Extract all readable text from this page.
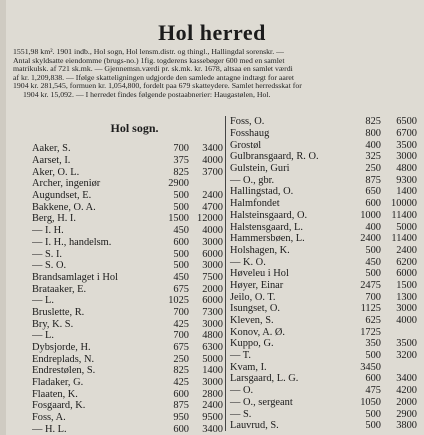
Hol herred
1551,98 km². 1901 indb., Hol sogn, Hol lensm.distr. og thingl., Hallingdal sorenskr. —
Antal skyldsatte eiendomme (brugs-no.) 1fig. togderens kassebøger 600 med en samlet
matrikulsk. af 721 sk.mk. — Gjennemsn.værdi pr. sk.mk. kr. 1678, altsaa en samlet værdi
af kr. 1,209,838. — Ifølge skatteligningen udgjorde den samlede antagne indtægt for aaret
1904 kr. 281,545, formuen kr. 1,054,800, fordelt paa 679 skatteydere. Samlet herredsskat for
1904 kr. 15,092. — I herredet findes følgende postaabnerier: Haugastølen, Hol.
Hol sogn.
Aaker, S.	700	3400
Aarset, I.	375	4000
Aker, O. L.	825	3700
Archer, ingeniør	2900
Augundset, E.	500	2400
Bakkene, O. A.	500	4700
Berg, H. I.	1500 12000
— I. H.	450	4000
— I. H., handelsm.	600	3000
— S. I.	500	6000
— S. O.	500	3000
Brandsamlaget i Hol	450	7500
Brataaker, E.	675	2000
— L.	1025	6000
Bruslette, R.	700	7300
Bry, K. S.	425	3000
— L.	700	4800
Dybsjorde, H.	675	6300
Endreplads, N.	250	5000
Endrestølen, S.	825	1400
Fladaker, G.	425	3000
Flaaten, K.	600	2800
Fosgaard, K.	875	2400
Foss, A.	950	9500
— H. L.	600	3400
Foss, O.	825	6500
Fosshaug	800	6700
Grostøl	400	3500
Gulbransgaard, R. O.	325	3000
Gulstein, Guri	250	4800
— O., gbr.	875	9300
Hallingstad, O.	650	1400
Halmfondet	600 10000
Halsteinsgaard, O.	1000	11400
Halstensgaard, L.	400	5000
Hammersbøen, L.	2400	11400
Holshagen, K.	500	2400
— K. O.	450	6200
Høveleu i Hol	500	6000
Høyer, Einar	2475	1500
Jeilo, O. T.	700	1300
Isungset, O.	1125	3000
Kleven, S.	625	4000
Konov, A. Ø.	1725
Kuppo, G.	350	3500
— T.	500	3200
Kvam, I.	3450
Larsgaard, L. G.	600	3400
— O.	475	4200
— O., sergeant	1050	2000
— S.	500	2900
Lauvrud, S.	500	3800
